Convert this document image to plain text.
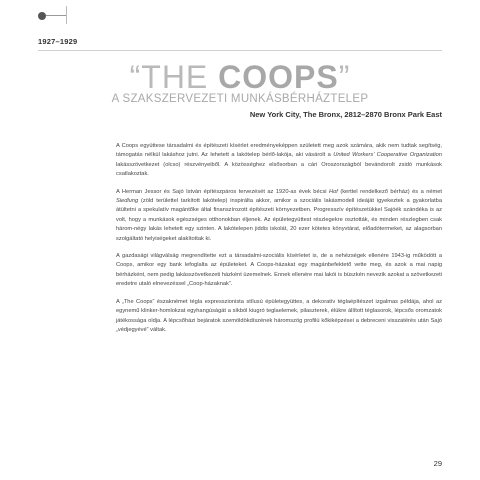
1927–1929
“THE COOPS”
A SZAKSZERVEZETI MUNKÁSBÉRHÁZTELEP
New York City, The Bronx, 2812–2870 Bronx Park East

A Coops együttese társadalmi és építészeti kísérlet eredményeképpen született meg azok számára, akik nem tudtak segítség, támogatás nélkül lakáshoz jutni. Az lehetett a lakótelep bérlő-lakója, aki vásárolt a United Workers’ Cooperative Organization lakásszövetkezet (olcso) részvényeiből. A közösséghez elsősorban a cári Oroszországból bevándorolt zsidó munkások csatlakoztak.

A Herman Jessor és Sajó István építészpáros tervezését az 1920-as évek bécsi Hof (kerttel rendelkező bérház) és a német Siedlung (zöld területtel tarkított lakótelep) inspirálta akkor, amikor a szociális lakásmodell ideáját igyekeztek a gyakorlatba átültetni a spekulatív magántőke által finanszírozott építészeti környezetben. Progresszív építészetükkel Sajóék szándéka is az volt, hogy a munkások egészséges otthonokban éljenek. Az épületegyüttest részlegekre osztották, és minden részlegben csak három-négy lakás lehetett egy szinten. A lakótelepen jiddis iskolát, 20 ezer kötetes könyvtárat, előadótermeket, az alagsorban szolgáltató helyiségeket alakítottak ki.

A gazdasági világválság megrendítette ezt a társadalmi-szociális kísérletet is, de a nehézségek ellenére 1943-ig működött a Coops, amikor egy bank lefoglalta az épületeket. A Coops-házakat egy magánbefektető vette meg, és azok a mai napig bérházként, nem pedig lakásszövetkezeti házként üzemelnek. Ennek ellenére mai lakói is büszkén nevezik azokat a szövetkezeti eredetre utaló elnevezéssel „Coop-házaknak”.

A „The Coops” északnémet tégla expresszionista stílusú épületegyüttes, a dekoratív téglaépítészet izgalmas példája, ahol az egynemű klinker-homlokzat egyhangúságát a síkból kiugró teglaelemek, pilaszterek, élükre állított téglasorok, lépcsős oromzatok játékossága oldja. A lépcsőházi bejáratok szemöldökdíszének háromszög profilú kőkiképzései a debreceni visszatérés után Sajó „védjegyévé” váltak.

29
